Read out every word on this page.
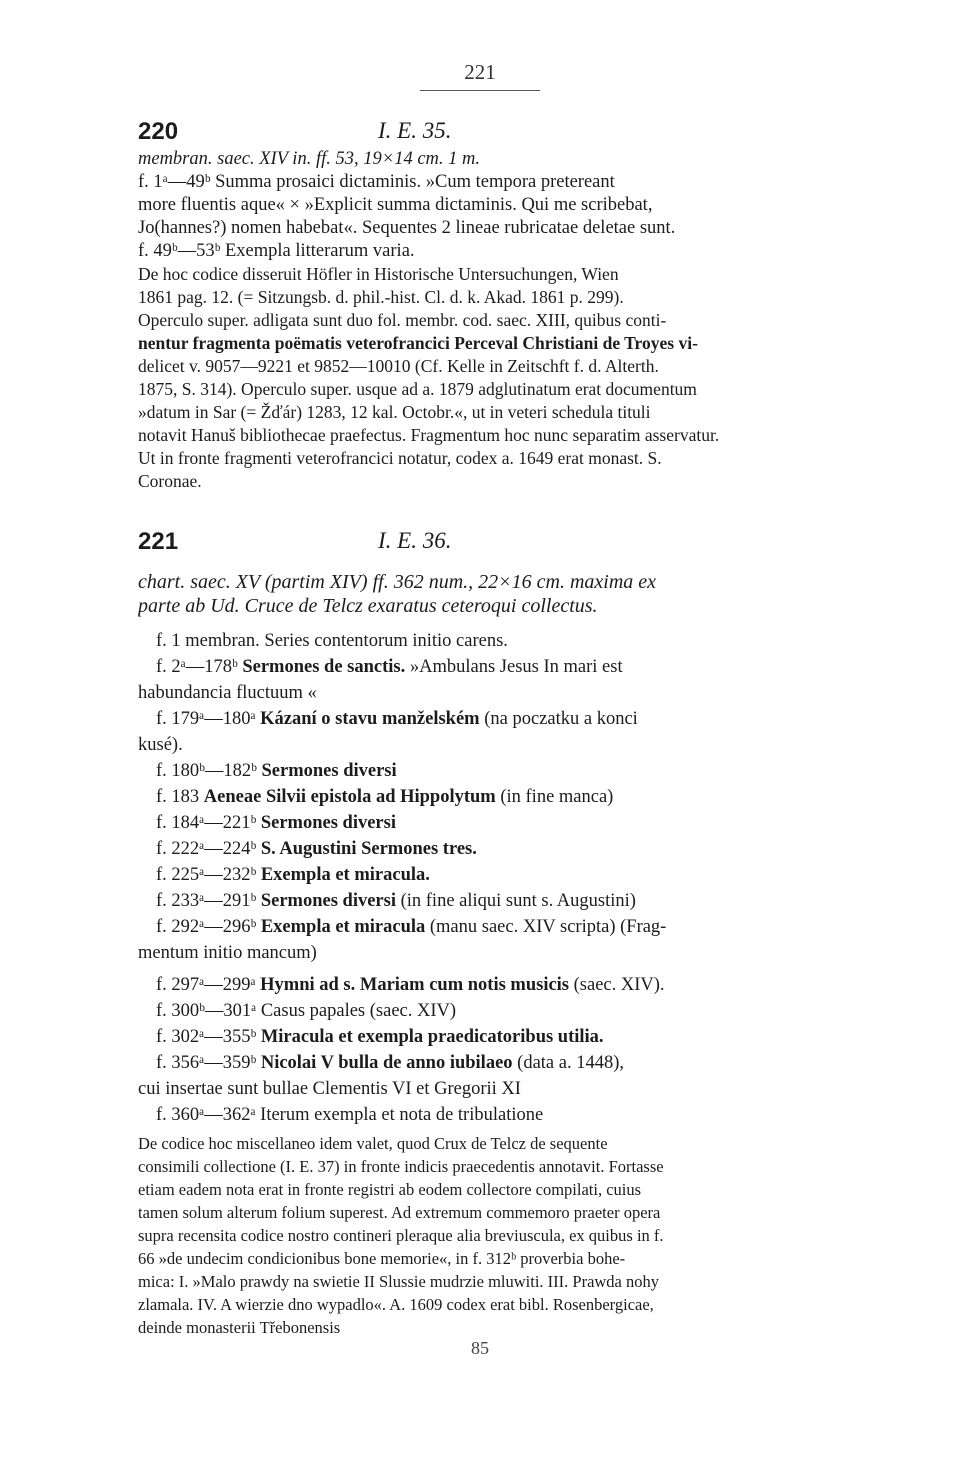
221
220	I. E. 35.
membran. saec. XIV in. ff. 53, 19×14 cm. 1 m.
f. 1ᵃ—49ᵇ Summa prosaici dictaminis. »Cum tempora pretereant
more fluentis aque« × »Explicit summa dictaminis. Qui me scribebat,
Jo(hannes?) nomen habebat«. Sequentes 2 lineae rubricatae deletae sunt.
f. 49ᵇ—53ᵇ Exempla litterarum varia.
De hoc codice disseruit Höfler in Historische Untersuchungen, Wien
1861 pag. 12. (= Sitzungsb. d. phil.-hist. Cl. d. k. Akad. 1861 p. 299).
Operculo super. adligata sunt duo fol. membr. cod. saec. XIII, quibus conti-
nentur fragmenta poëmatis veterofrancici Perceval Christiani de Troyes vi-
delicet v. 9057—9221 et 9852—10010 (Cf. Kelle in Zeitschft f. d. Alterth.
1875, S. 314). Operculo super. usque ad a. 1879 adglutinatum erat documentum
»datum in Sar (= Žďár) 1283, 12 kal. Octobr.«, ut in veteri schedula tituli
notavit Hanuš bibliothecae praefectus. Fragmentum hoc nunc separatim asservatur.
Ut in fronte fragmenti veterofrancici notatur, codex a. 1649 erat monast. S.
Coronae.
221	I. E. 36.
chart. saec. XV (partim XIV) ff. 362 num., 22×16 cm. maxima ex
parte ab Ud. Cruce de Telcz exaratus ceteroqui collectus.
f. 1 membran. Series contentorum initio carens.
f. 2ᵃ—178ᵇ Sermones de sanctis. »Ambulans Jesus In mari est
habundancia fluctuum «
f. 179ᵃ—180ᵃ Kázaní o stavu manželském (na poczatku a konci
kusé).
f. 180ᵇ—182ᵇ Sermones diversi
f. 183 Aeneae Silvii epistola ad Hippolytum (in fine manca)
f. 184ᵃ—221ᵇ Sermones diversi
f. 222ᵃ—224ᵇ S. Augustini Sermones tres.
f. 225ᵃ—232ᵇ Exempla et miracula.
f. 233ᵃ—291ᵇ Sermones diversi (in fine aliqui sunt s. Augustini)
f. 292ᵃ—296ᵇ Exempla et miracula (manu saec. XIV scripta) (Frag-
mentum initio mancum)
f. 297ᵃ—299ᵃ Hymni ad s. Mariam cum notis musicis (saec. XIV).
f. 300ᵇ—301ᵃ Casus papales (saec. XIV)
f. 302ᵃ—355ᵇ Miracula et exempla praedicatoribus utilia.
f. 356ᵃ—359ᵇ Nicolai V bulla de anno iubilaeo (data a. 1448),
cui insertae sunt bullae Clementis VI et Gregorii XI
f. 360ᵃ—362ᵃ Iterum exempla et nota de tribulatione
De codice hoc miscellaneo idem valet, quod Crux de Telcz de sequente
consimili collectione (I. E. 37) in fronte indicis praecedentis annotavit. Fortasse
etiam eadem nota erat in fronte registri ab eodem collectore compilati, cuius
tamen solum alterum folium superest. Ad extremum commemoro praeter opera
supra recensita codice nostro contineri pleraque alia breviuscula, ex quibus in f.
66 »de undecim condicionibus bone memorie«, in f. 312ᵇ proverbia bohe-
mica: I. »Malo prawdy na swietie II Slussie mudrzie mluwiti. III. Prawda nohy
zlamala. IV. A wierzie dno wypadlo«. A. 1609 codex erat bibl. Rosenbergicae,
deinde monasterii Třebonensis
85
